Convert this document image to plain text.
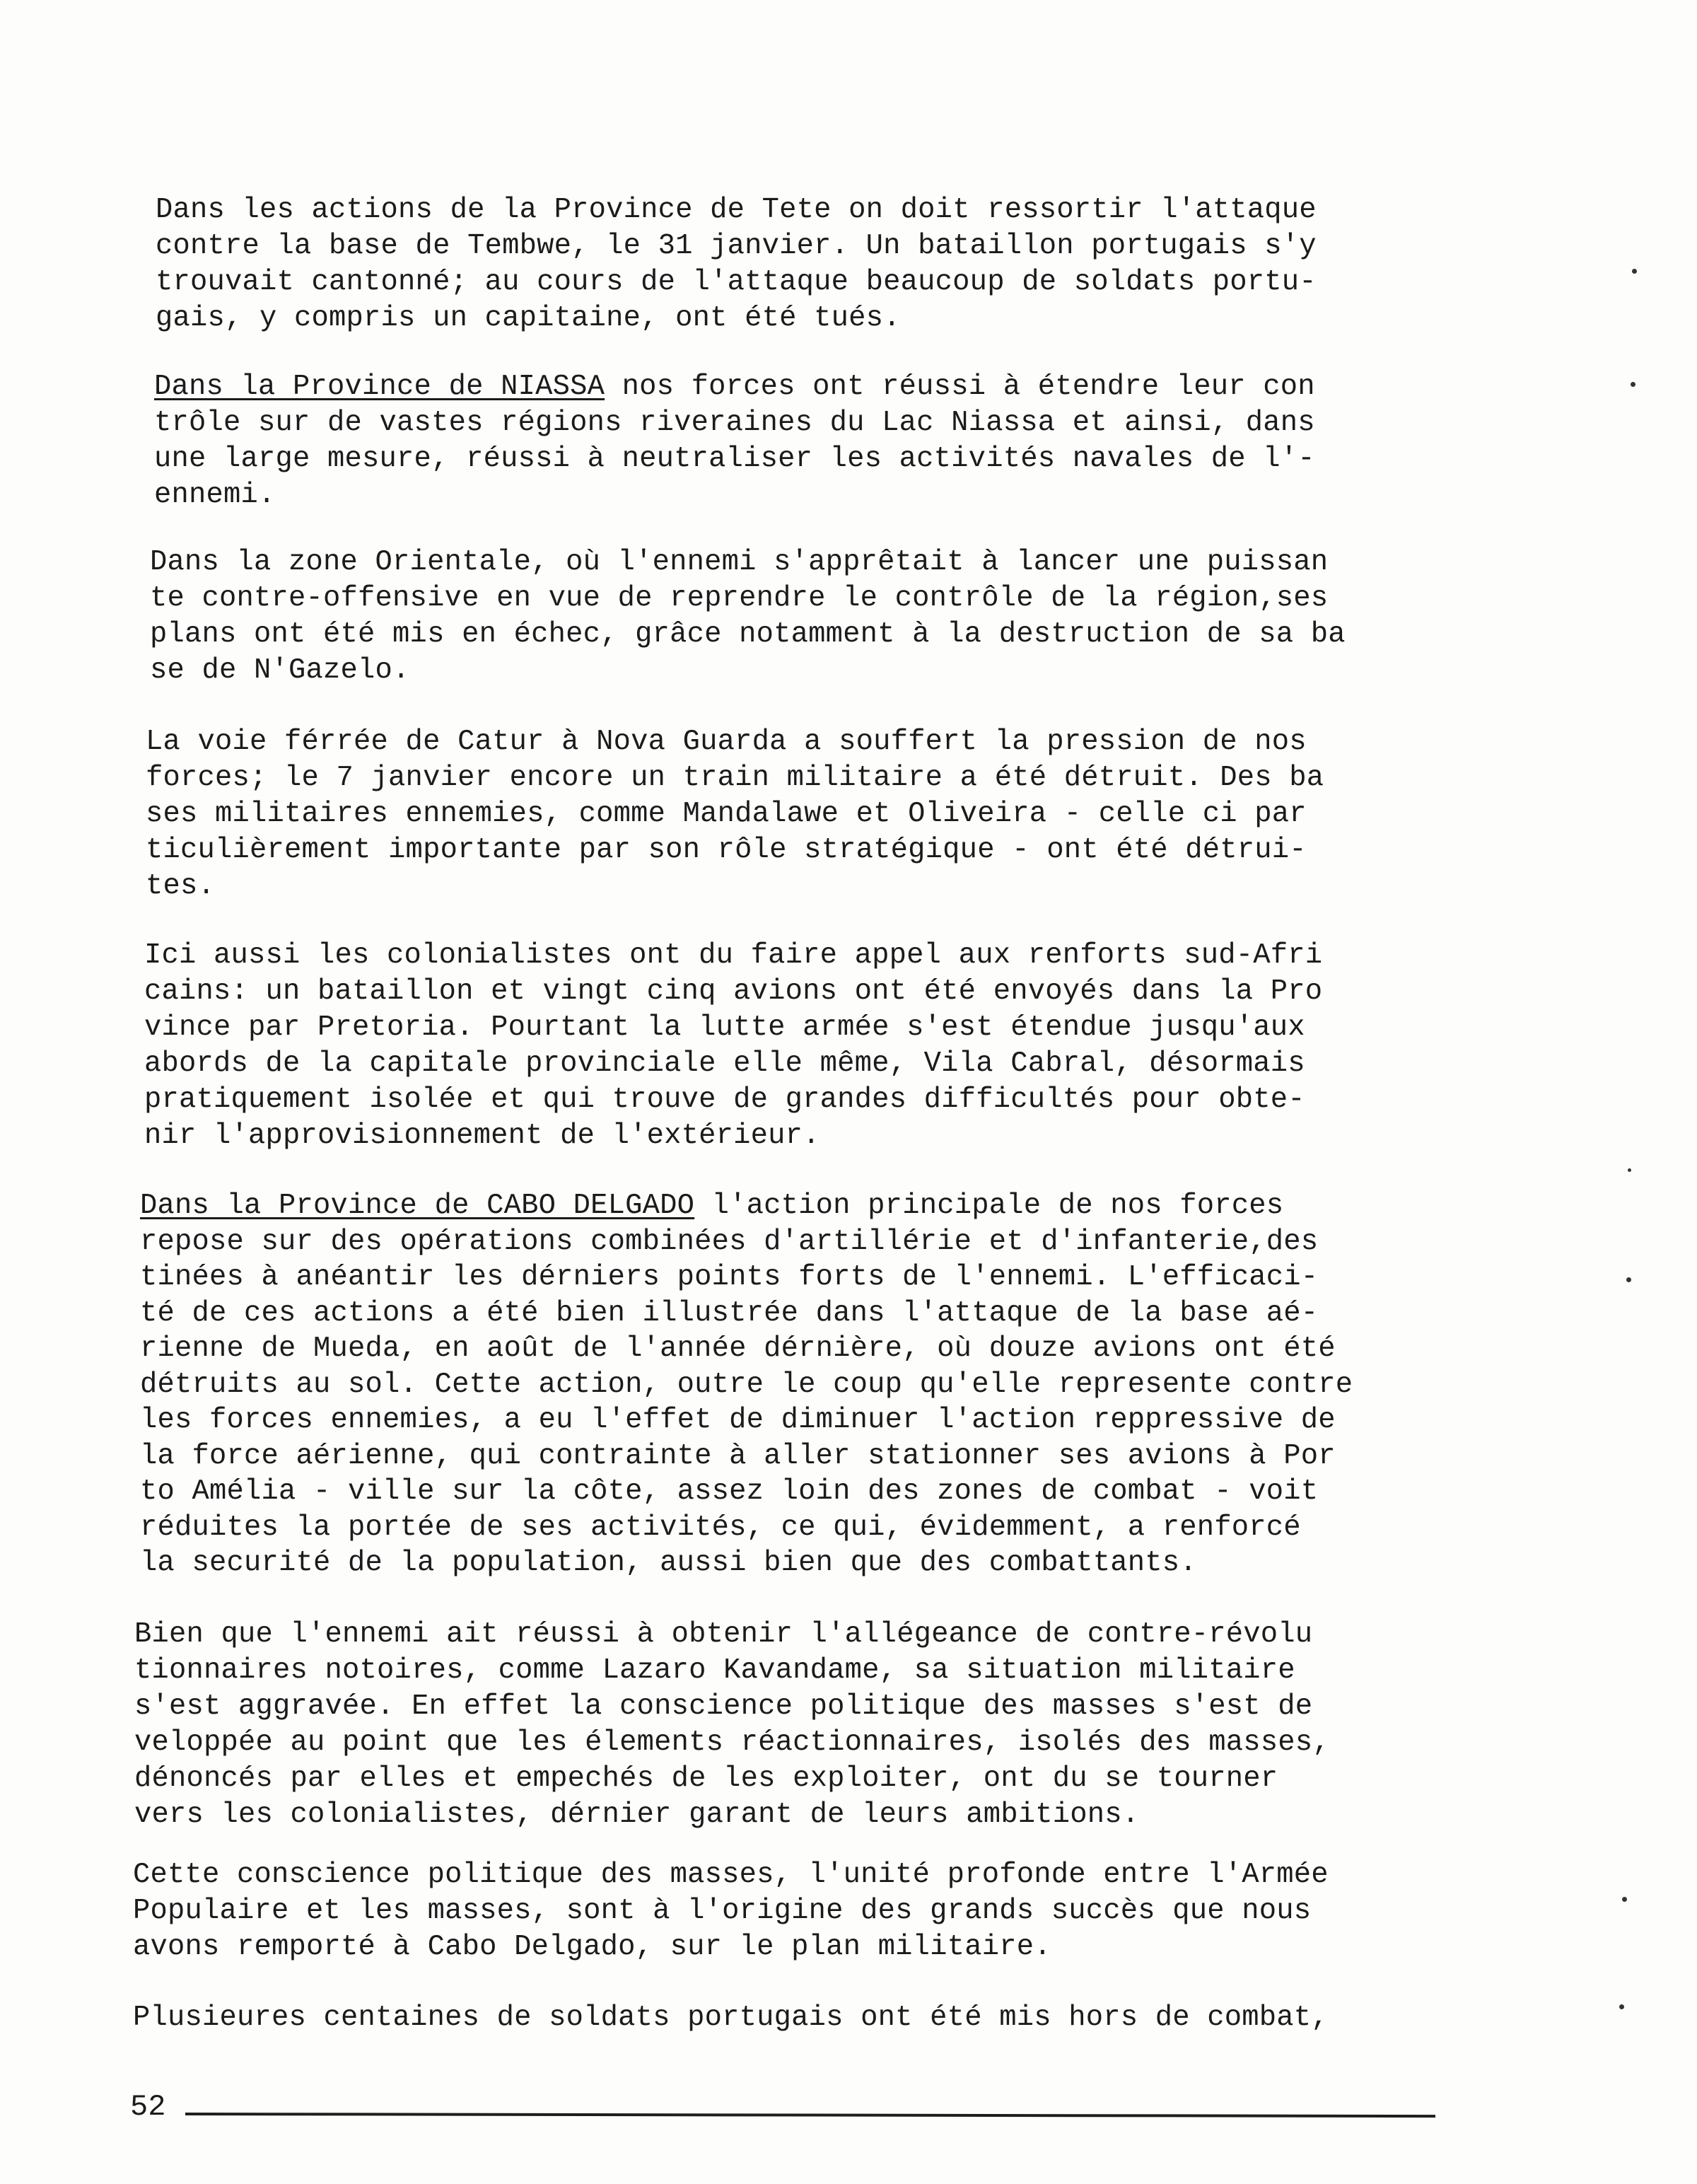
Dans les actions de la Province de Tete on doit ressortir l'attaque
contre la base de Tembwe, le 31 janvier. Un bataillon portugais s'y
trouvait cantonné; au cours de l'attaque beaucoup de soldats portu-
gais, y compris un capitaine, ont été tués.
Dans la Province de NIASSA nos forces ont réussi à étendre leur con
trôle sur de vastes régions riveraines du Lac Niassa et ainsi, dans
une large mesure, réussi à neutraliser les activités navales de l'-
ennemi.
Dans la zone Orientale, où l'ennemi s'apprêtait à lancer une puissan
te contre-offensive en vue de reprendre le contrôle de la région,ses
plans ont été mis en échec, grâce notamment à la destruction de sa ba
se de N'Gazelo.
La voie férrée de Catur à Nova Guarda a souffert la pression de nos
forces; le 7 janvier encore un train militaire a été détruit. Des ba
ses militaires ennemies, comme Mandalawe et Oliveira - celle ci par
ticulièrement importante par son rôle stratégique - ont été détrui-
tes.
Ici aussi les colonialistes ont du faire appel aux renforts sud-Afri
cains: un bataillon et vingt cinq avions ont été envoyés dans la Pro
vince par Pretoria. Pourtant la lutte armée s'est étendue jusqu'aux
abords de la capitale provinciale elle même, Vila Cabral, désormais
pratiquement isolée et qui trouve de grandes difficultés pour obte-
nir l'approvisionnement de l'extérieur.
Dans la Province de CABO DELGADO l'action principale de nos forces
repose sur des opérations combinées d'artillérie et d'infanterie,des
tinées à anéantir les dérniers points forts de l'ennemi. L'efficaci-
té de ces actions a été bien illustrée dans l'attaque de la base aé-
rienne de Mueda, en août de l'année dérnière, où douze avions ont été
détruits au sol. Cette action, outre le coup qu'elle represente contre
les forces ennemies, a eu l'effet de diminuer l'action reppressive de
la force aérienne, qui contrainte à aller stationner ses avions à Por
to Amélia - ville sur la côte, assez loin des zones de combat - voit
réduites la portée de ses activités, ce qui, évidemment, a renforcé
la securité de la population, aussi bien que des combattants.
Bien que l'ennemi ait réussi à obtenir l'allégeance de contre-révolu
tionnaires notoires, comme Lazaro Kavandame, sa situation militaire
s'est aggravée. En effet la conscience politique des masses s'est de
veloppée au point que les élements réactionnaires, isolés des masses,
dénoncés par elles et empechés de les exploiter, ont du se tourner
vers les colonialistes, dérnier garant de leurs ambitions.
Cette conscience politique des masses, l'unité profonde entre l'Armée
Populaire et les masses, sont à l'origine des grands succès que nous
avons remporté à Cabo Delgado, sur le plan militaire.
Plusieures centaines de soldats portugais ont été mis hors de combat,
52
